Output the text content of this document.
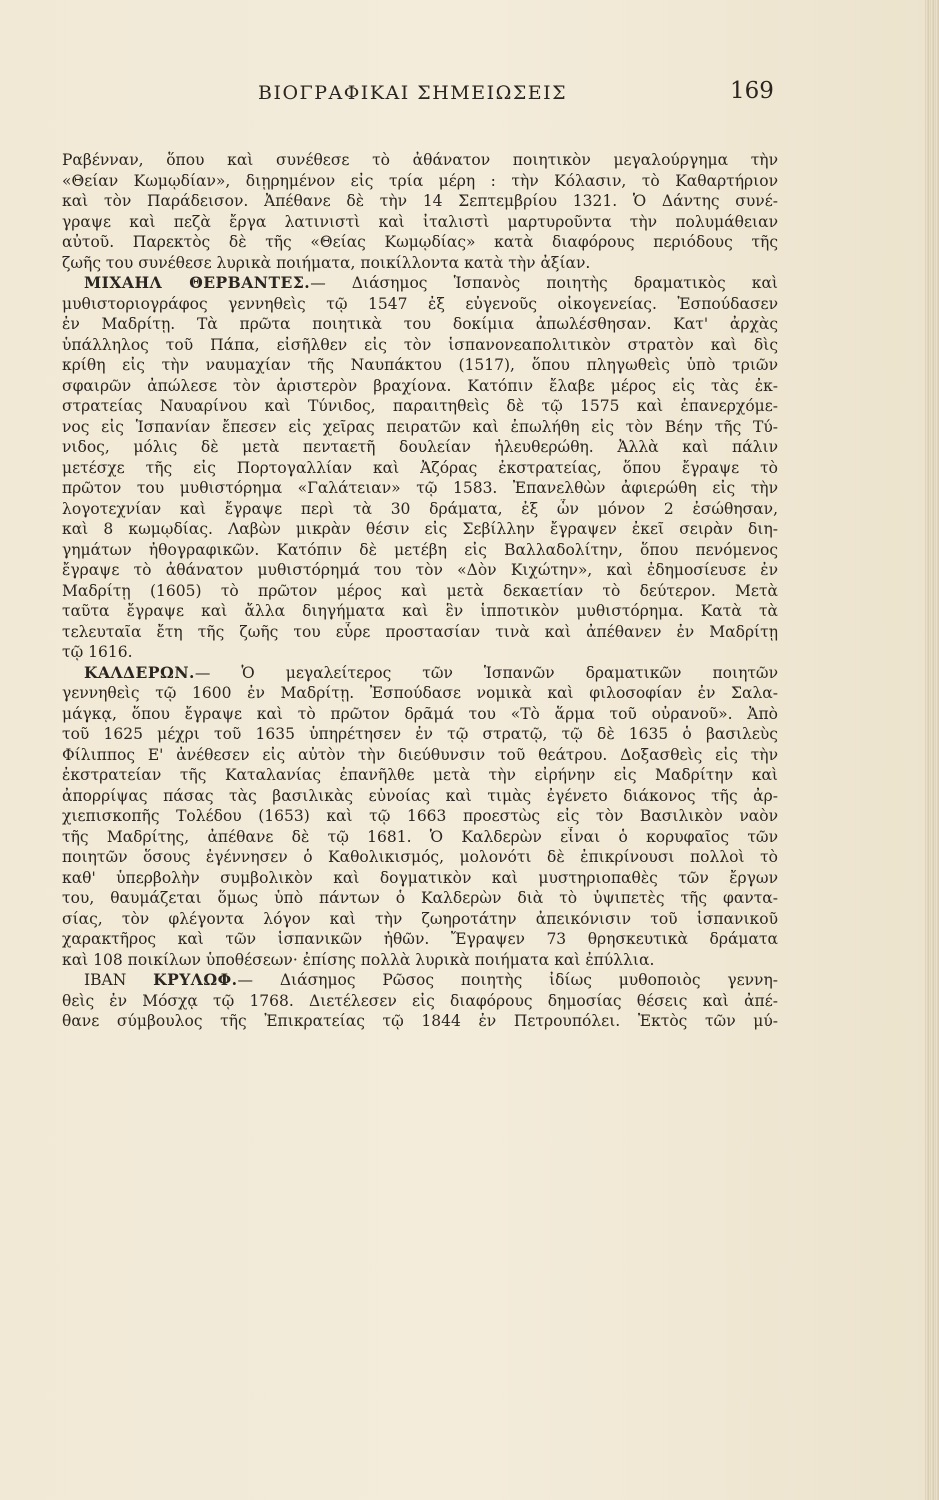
ΒΙΟΓΡΑΦΙΚΑΙ ΣΗΜΕΙΩΣΕΙΣ	169
Ραβένναν, ὅπου καὶ συνέθεσε τὸ ἀθάνατον ποιητικὸν μεγαλούργημα τὴν
«Θείαν Κωμῳδίαν», διῃρημένον εἰς τρία μέρη : τὴν Κόλασιν, τὸ Καθαρτήριον
καὶ τὸν Παράδεισον. Ἀπέθανε δὲ τὴν 14 Σεπτεμβρίου 1321. Ὁ Δάντης συνέ-
γραψε καὶ πεζὰ ἔργα λατινιστὶ καὶ ἰταλιστὶ μαρτυροῦντα τὴν πολυμάθειαν
αὐτοῦ. Παρεκτὸς δὲ τῆς «Θείας Κωμῳδίας» κατὰ διαφόρους περιόδους τῆς
ζωῆς του συνέθεσε λυρικὰ ποιήματα, ποικίλλοντα κατὰ τὴν ἀξίαν.
ΜΙΧΑΗΛ ΘΕΡΒΑΝΤΕΣ.— Διάσημος Ἱσπανὸς ποιητὴς δραματικὸς καὶ
μυθιστοριογράφος γεννηθεὶς τῷ 1547 ἐξ εὐγενοῦς οἰκογενείας. Ἐσπούδασεν
ἐν Μαδρίτῃ. Τὰ πρῶτα ποιητικὰ του δοκίμια ἀπωλέσθησαν. Κατ' ἀρχὰς
ὑπάλληλος τοῦ Πάπα, εἰσῆλθεν εἰς τὸν ἱσπανονεαπολιτικὸν στρατὸν καὶ δὶς
κρίθη εἰς τὴν ναυμαχίαν τῆς Ναυπάκτου (1517), ὅπου πληγωθεὶς ὑπὸ τριῶν
σφαιρῶν ἀπώλεσε τὸν ἀριστερὸν βραχίονα. Κατόπιν ἔλαβε μέρος εἰς τὰς ἐκ-
στρατείας Ναυαρίνου καὶ Τύνιδος, παραιτηθεὶς δὲ τῷ 1575 καὶ ἐπανερχόμε-
νος εἰς Ἱσπανίαν ἔπεσεν εἰς χεῖρας πειρατῶν καὶ ἐπωλήθη εἰς τὸν Βέην τῆς Τύ-
νιδος, μόλις δὲ μετὰ πενταετῆ δουλείαν ἠλευθερώθη. Ἀλλὰ καὶ πάλιν
μετέσχε τῆς εἰς Πορτογαλλίαν καὶ Ἀζόρας ἐκστρατείας, ὅπου ἔγραψε τὸ
πρῶτον του μυθιστόρημα «Γαλάτειαν» τῷ 1583. Ἐπανελθὼν ἀφιερώθη εἰς τὴν
λογοτεχνίαν καὶ ἔγραψε περὶ τὰ 30 δράματα, ἐξ ὧν μόνον 2 ἐσώθησαν,
καὶ 8 κωμῳδίας. Λαβὼν μικρὰν θέσιν εἰς Σεβίλλην ἔγραψεν ἐκεῖ σειρὰν διη-
γημάτων ἠθογραφικῶν. Κατόπιν δὲ μετέβη εἰς Βαλλαδολίτην, ὅπου πενόμενος
ἔγραψε τὸ ἀθάνατον μυθιστόρημά του τὸν «Δὸν Κιχώτην», καὶ ἐδημοσίευσε ἐν
Μαδρίτῃ (1605) τὸ πρῶτον μέρος καὶ μετὰ δεκαετίαν τὸ δεύτερον. Μετὰ
ταῦτα ἔγραψε καὶ ἄλλα διηγήματα καὶ ἓν ἱπποτικὸν μυθιστόρημα. Κατὰ τὰ
τελευταῖα ἔτη τῆς ζωῆς του εὗρε προστασίαν τινὰ καὶ ἀπέθανεν ἐν Μαδρίτῃ
τῷ 1616.
ΚΑΛΔΕΡΩΝ.— Ὁ μεγαλείτερος τῶν Ἱσπανῶν δραματικῶν ποιητῶν
γεννηθεὶς τῷ 1600 ἐν Μαδρίτῃ. Ἐσπούδασε νομικὰ καὶ φιλοσοφίαν ἐν Σαλα-
μάγκᾳ, ὅπου ἔγραψε καὶ τὸ πρῶτον δρᾶμά του «Τὸ ἅρμα τοῦ οὐρανοῦ». Ἀπὸ
τοῦ 1625 μέχρι τοῦ 1635 ὑπηρέτησεν ἐν τῷ στρατῷ, τῷ δὲ 1635 ὁ βασιλεὺς
Φίλιππος Ε' ἀνέθεσεν εἰς αὐτὸν τὴν διεύθυνσιν τοῦ θεάτρου. Δοξασθεὶς εἰς τὴν
ἐκστρατείαν τῆς Καταλανίας ἐπανῆλθε μετὰ τὴν εἰρήνην εἰς Μαδρίτην καὶ
ἀπορρίψας πάσας τὰς βασιλικὰς εὐνοίας καὶ τιμὰς ἐγένετο διάκονος τῆς ἀρ-
χιεπισκοπῆς Τολέδου (1653) καὶ τῷ 1663 προεστὼς εἰς τὸν Βασιλικὸν ναὸν
τῆς Μαδρίτης, ἀπέθανε δὲ τῷ 1681. Ὁ Καλδερὼν εἶναι ὁ κορυφαῖος τῶν
ποιητῶν ὅσους ἐγέννησεν ὁ Καθολικισμός, μολονότι δὲ ἐπικρίνουσι πολλοὶ τὸ
καθ' ὑπερβολὴν συμβολικὸν καὶ δογματικὸν καὶ μυστηριοπαθὲς τῶν ἔργων
του, θαυμάζεται ὅμως ὑπὸ πάντων ὁ Καλδερὼν διὰ τὸ ὑψιπετὲς τῆς φαντα-
σίας, τὸν φλέγοντα λόγον καὶ τὴν ζωηροτάτην ἀπεικόνισιν τοῦ ἱσπανικοῦ
χαρακτῆρος καὶ τῶν ἱσπανικῶν ἠθῶν. Ἔγραψεν 73 θρησκευτικὰ δράματα
καὶ 108 ποικίλων ὑποθέσεων· ἐπίσης πολλὰ λυρικὰ ποιήματα καὶ ἐπύλλια.
ΙΒΑΝ ΚΡΥΛΩΦ.— Διάσημος Ρῶσος ποιητὴς ἰδίως μυθοποιὸς γεννη-
θεὶς ἐν Μόσχᾳ τῷ 1768. Διετέλεσεν εἰς διαφόρους δημοσίας θέσεις καὶ ἀπέ-
θανε σύμβουλος τῆς Ἐπικρατείας τῷ 1844 ἐν Πετρουπόλει. Ἐκτὸς τῶν μύ-
